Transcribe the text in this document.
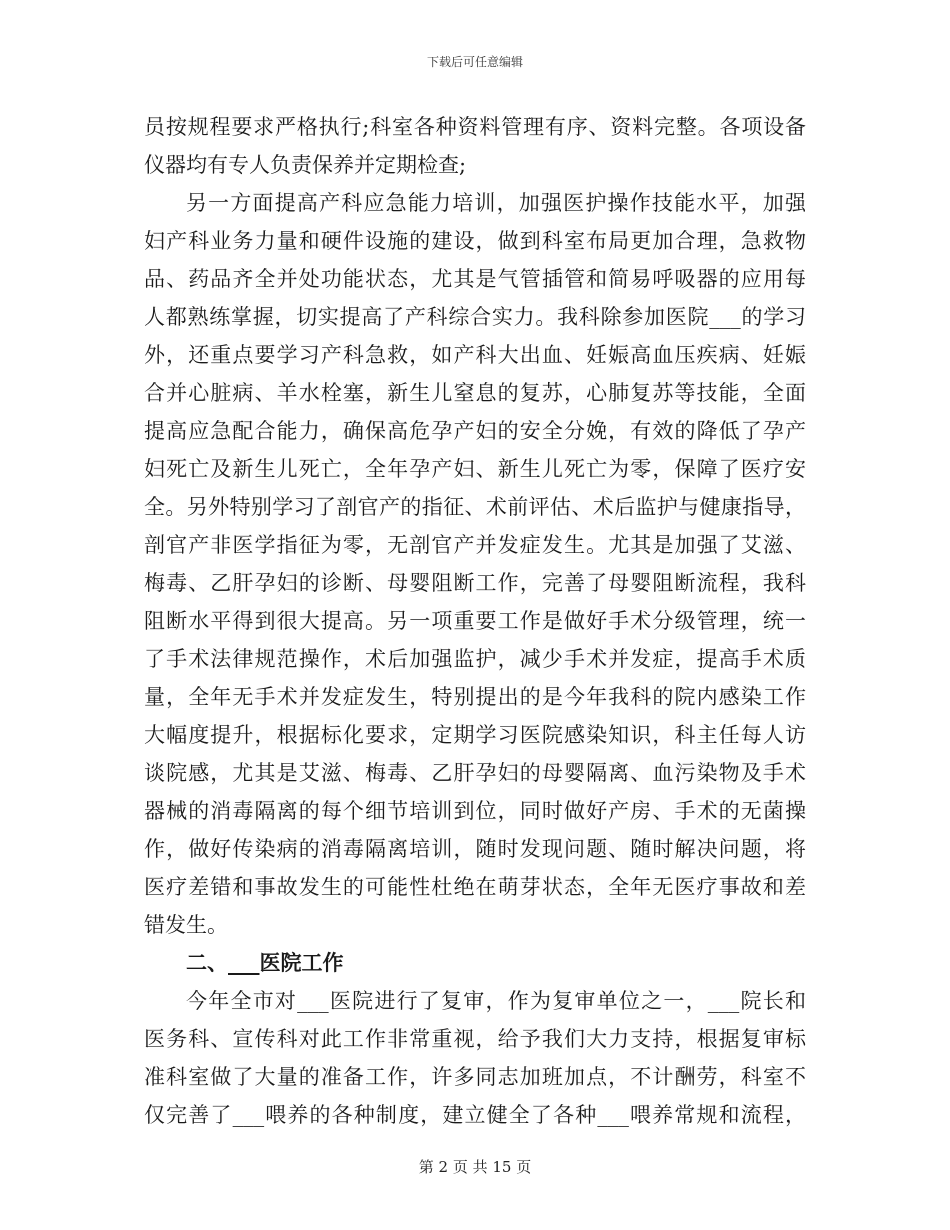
下载后可任意编辑
员按规程要求严格执行;科室各种资料管理有序、资料完整。各项设备
仪器均有专人负责保养并定期检查;
另一方面提高产科应急能力培训，加强医护操作技能水平，加强
妇产科业务力量和硬件设施的建设，做到科室布局更加合理，急救物
品、药品齐全并处功能状态，尤其是气管插管和简易呼吸器的应用每
人都熟练掌握，切实提高了产科综合实力。我科除参加医院___的学习
外，还重点要学习产科急救，如产科大出血、妊娠高血压疾病、妊娠
合并心脏病、羊水栓塞，新生儿窒息的复苏，心肺复苏等技能，全面
提高应急配合能力，确保高危孕产妇的安全分娩，有效的降低了孕产
妇死亡及新生儿死亡，全年孕产妇、新生儿死亡为零，保障了医疗安
全。另外特别学习了剖官产的指征、术前评估、术后监护与健康指导，
剖官产非医学指征为零，无剖官产并发症发生。尤其是加强了艾滋、
梅毒、乙肝孕妇的诊断、母婴阻断工作，完善了母婴阻断流程，我科
阻断水平得到很大提高。另一项重要工作是做好手术分级管理，统一
了手术法律规范操作，术后加强监护，减少手术并发症，提高手术质
量，全年无手术并发症发生，特别提出的是今年我科的院内感染工作
大幅度提升，根据标化要求，定期学习医院感染知识，科主任每人访
谈院感，尤其是艾滋、梅毒、乙肝孕妇的母婴隔离、血污染物及手术
器械的消毒隔离的每个细节培训到位，同时做好产房、手术的无菌操
作，做好传染病的消毒隔离培训，随时发现问题、随时解决问题，将
医疗差错和事故发生的可能性杜绝在萌芽状态，全年无医疗事故和差
错发生。
二、___医院工作
今年全市对___医院进行了复审，作为复审单位之一，___院长和
医务科、宣传科对此工作非常重视，给予我们大力支持，根据复审标
准科室做了大量的准备工作，许多同志加班加点，不计酬劳，科室不
仅完善了___喂养的各种制度，建立健全了各种___喂养常规和流程，
第 2 页 共 15 页
